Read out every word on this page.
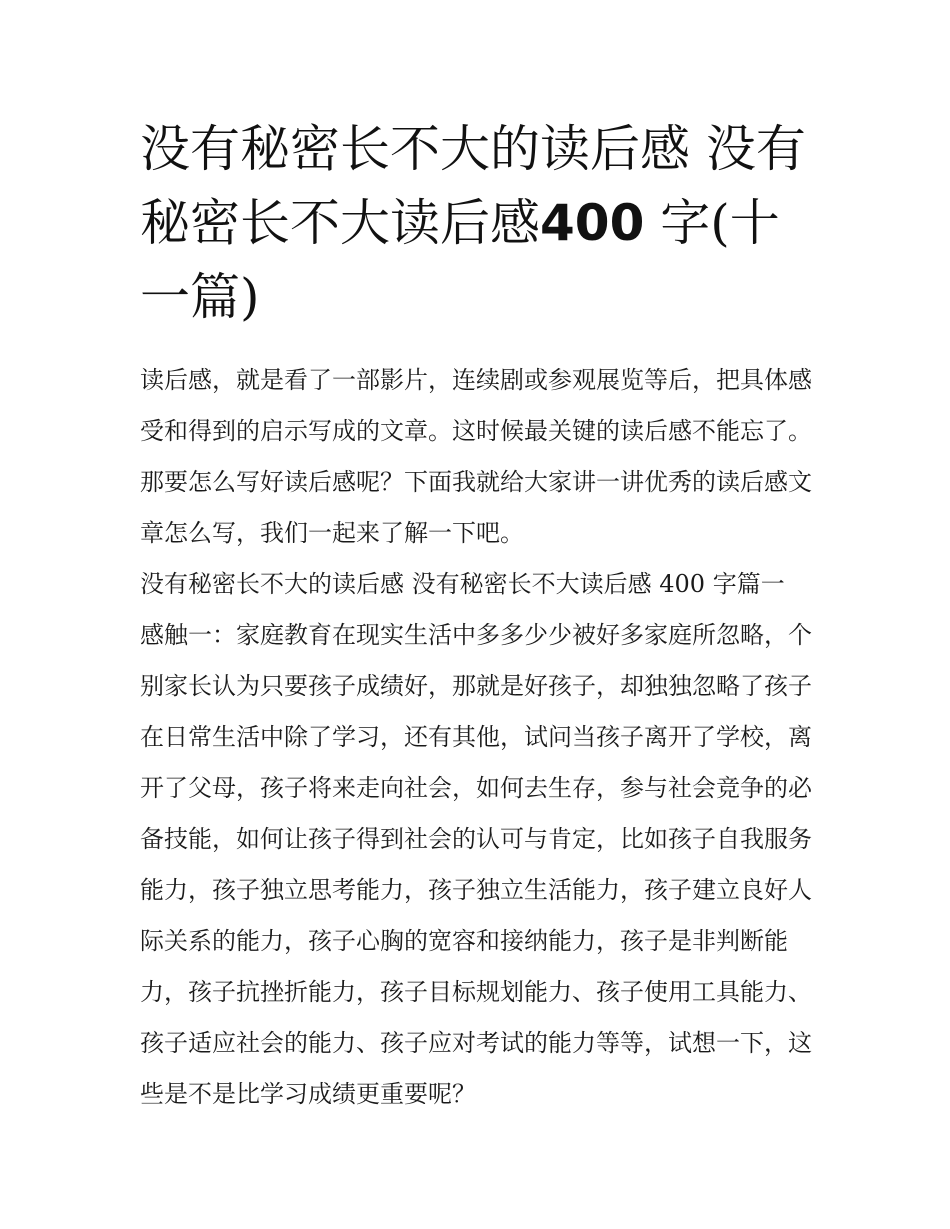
没有秘密长不大的读后感 没有秘密长不大读后感400 字(十一篇)

读后感，就是看了一部影片，连续剧或参观展览等后，把具体感受和得到的启示写成的文章。这时候最关键的读后感不能忘了。那要怎么写好读后感呢？下面我就给大家讲一讲优秀的读后感文章怎么写，我们一起来了解一下吧。

没有秘密长不大的读后感 没有秘密长不大读后感 400 字篇一

感触一：家庭教育在现实生活中多多少少被好多家庭所忽略，个别家长认为只要孩子成绩好，那就是好孩子，却独独忽略了孩子在日常生活中除了学习，还有其他，试问当孩子离开了学校，离开了父母，孩子将来走向社会，如何去生存，参与社会竞争的必备技能，如何让孩子得到社会的认可与肯定，比如孩子自我服务能力，孩子独立思考能力，孩子独立生活能力，孩子建立良好人际关系的能力，孩子心胸的宽容和接纳能力，孩子是非判断能力，孩子抗挫折能力，孩子目标规划能力、孩子使用工具能力、孩子适应社会的能力、孩子应对考试的能力等等，试想一下，这些是不是比学习成绩更重要呢？
